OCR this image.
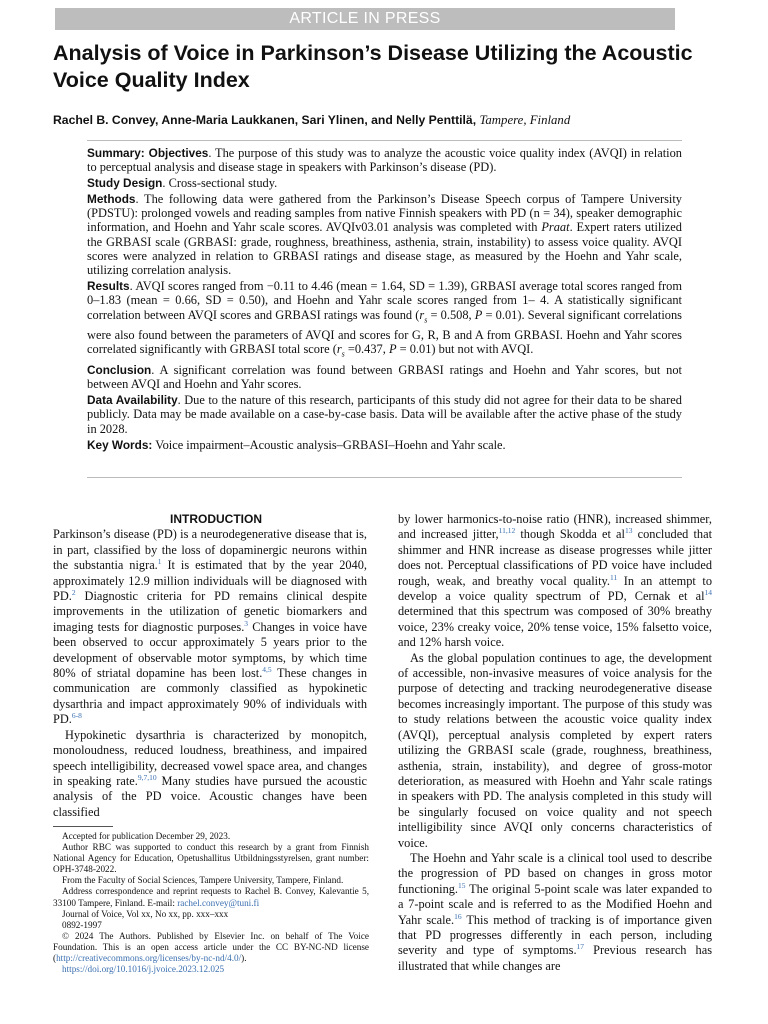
ARTICLE IN PRESS
Analysis of Voice in Parkinson’s Disease Utilizing the Acoustic Voice Quality Index
Rachel B. Convey, Anne-Maria Laukkanen, Sari Ylinen, and Nelly Penttilä, Tampere, Finland

Summary: Objectives. The purpose of this study was to analyze the acoustic voice quality index (AVQI) in relation to perceptual analysis and disease stage in speakers with Parkinson’s disease (PD).

Study Design. Cross-sectional study.

Methods. The following data were gathered from the Parkinson’s Disease Speech corpus of Tampere University (PDSTU): prolonged vowels and reading samples from native Finnish speakers with PD (n = 34), speaker demographic information, and Hoehn and Yahr scale scores. AVQIv03.01 analysis was completed with Praat. Expert raters utilized the GRBASI scale (GRBASI: grade, roughness, breathiness, asthenia, strain, instability) to assess voice quality. AVQI scores were analyzed in relation to GRBASI ratings and disease stage, as measured by the Hoehn and Yahr scale, utilizing correlation analysis.

Results. AVQI scores ranged from −0.11 to 4.46 (mean = 1.64, SD = 1.39), GRBASI average total scores ranged from 0–1.83 (mean = 0.66, SD = 0.50), and Hoehn and Yahr scale scores ranged from 1– 4. A statistically significant correlation between AVQI scores and GRBASI ratings was found ($r_s = 0.508$, P = 0.01). Several significant correlations were also found between the parameters of AVQI and scores for G, R, B and A from GRBASI. Hoehn and Yahr scores correlated significantly with GRBASI total score ($r_s =0.437$, P = 0.01) but not with AVQI.

Conclusion. A significant correlation was found between GRBASI ratings and Hoehn and Yahr scores, but not between AVQI and Hoehn and Yahr scores.

Data Availability. Due to the nature of this research, participants of this study did not agree for their data to be shared publicly. Data may be made available on a case-by-case basis. Data will be available after the active phase of the study in 2028.

Key Words: Voice impairment–Acoustic analysis–GRBASI–Hoehn and Yahr scale.

INTRODUCTION

Parkinson’s disease (PD) is a neurodegenerative disease that is, in part, classified by the loss of dopaminergic neurons within the substantia nigra.$^1$ It is estimated that by the year 2040, approximately 12.9 million individuals will be diagnosed with PD.$^2$ Diagnostic criteria for PD remains clinical despite improvements in the utilization of genetic biomarkers and imaging tests for diagnostic purposes.$^3$ Changes in voice have been observed to occur approximately 5 years prior to the development of observable motor symptoms, by which time 80% of striatal dopamine has been lost.$^{4,5}$ These changes in communication are commonly classified as hypokinetic dysarthria and impact approximately 90% of individuals with PD.$^{6-8}$

Hypokinetic dysarthria is characterized by monopitch, monoloudness, reduced loudness, breathiness, and impaired speech intelligibility, decreased vowel space area, and changes in speaking rate.$^{9,7,10}$ Many studies have pursued the acoustic analysis of the PD voice. Acoustic changes have been classified

Accepted for publication December 29, 2023.

Author RBC was supported to conduct this research by a grant from Finnish National Agency for Education, Opetushallitus Utbildningsstyrelsen, grant number: OPH-3748-2022.

From the Faculty of Social Sciences, Tampere University, Tampere, Finland.

Address correspondence and reprint requests to Rachel B. Convey, Kalevantie 5, 33100 Tampere, Finland. E-mail: rachel.convey@tuni.fi

Journal of Voice, Vol xx, No xx, pp. xxx–xxx

0892-1997

© 2024 The Authors. Published by Elsevier Inc. on behalf of The Voice Foundation. This is an open access article under the CC BY-NC-ND license (http://creativecommons.org/licenses/by-nc-nd/4.0/).

https://doi.org/10.1016/j.jvoice.2023.12.025

by lower harmonics-to-noise ratio (HNR), increased shimmer, and increased jitter,$^{11,12}$ though Skodda et $al^{13}$ concluded that shimmer and HNR increase as disease progresses while jitter does not. Perceptual classifications of PD voice have included rough, weak, and breathy vocal quality.$^{11}$ In an attempt to develop a voice quality spectrum of PD, Cernak et $al^{14}$ determined that this spectrum was composed of 30% breathy voice, 23% creaky voice, 20% tense voice, 15% falsetto voice, and 12% harsh voice.

As the global population continues to age, the development of accessible, non-invasive measures of voice analysis for the purpose of detecting and tracking neurodegenerative disease becomes increasingly important. The purpose of this study was to study relations between the acoustic voice quality index (AVQI), perceptual analysis completed by expert raters utilizing the GRBASI scale (grade, roughness, breathiness, asthenia, strain, instability), and degree of gross-motor deterioration, as measured with Hoehn and Yahr scale ratings in speakers with PD. The analysis completed in this study will be singularly focused on voice quality and not speech intelligibility since AVQI only concerns characteristics of voice.

The Hoehn and Yahr scale is a clinical tool used to describe the progression of PD based on changes in gross motor functioning.$^{15}$ The original 5-point scale was later expanded to a 7-point scale and is referred to as the Modified Hoehn and Yahr scale.$^{16}$ This method of tracking is of importance given that PD progresses differently in each person, including severity and type of symptoms.$^{17}$ Previous research has illustrated that while changes are
